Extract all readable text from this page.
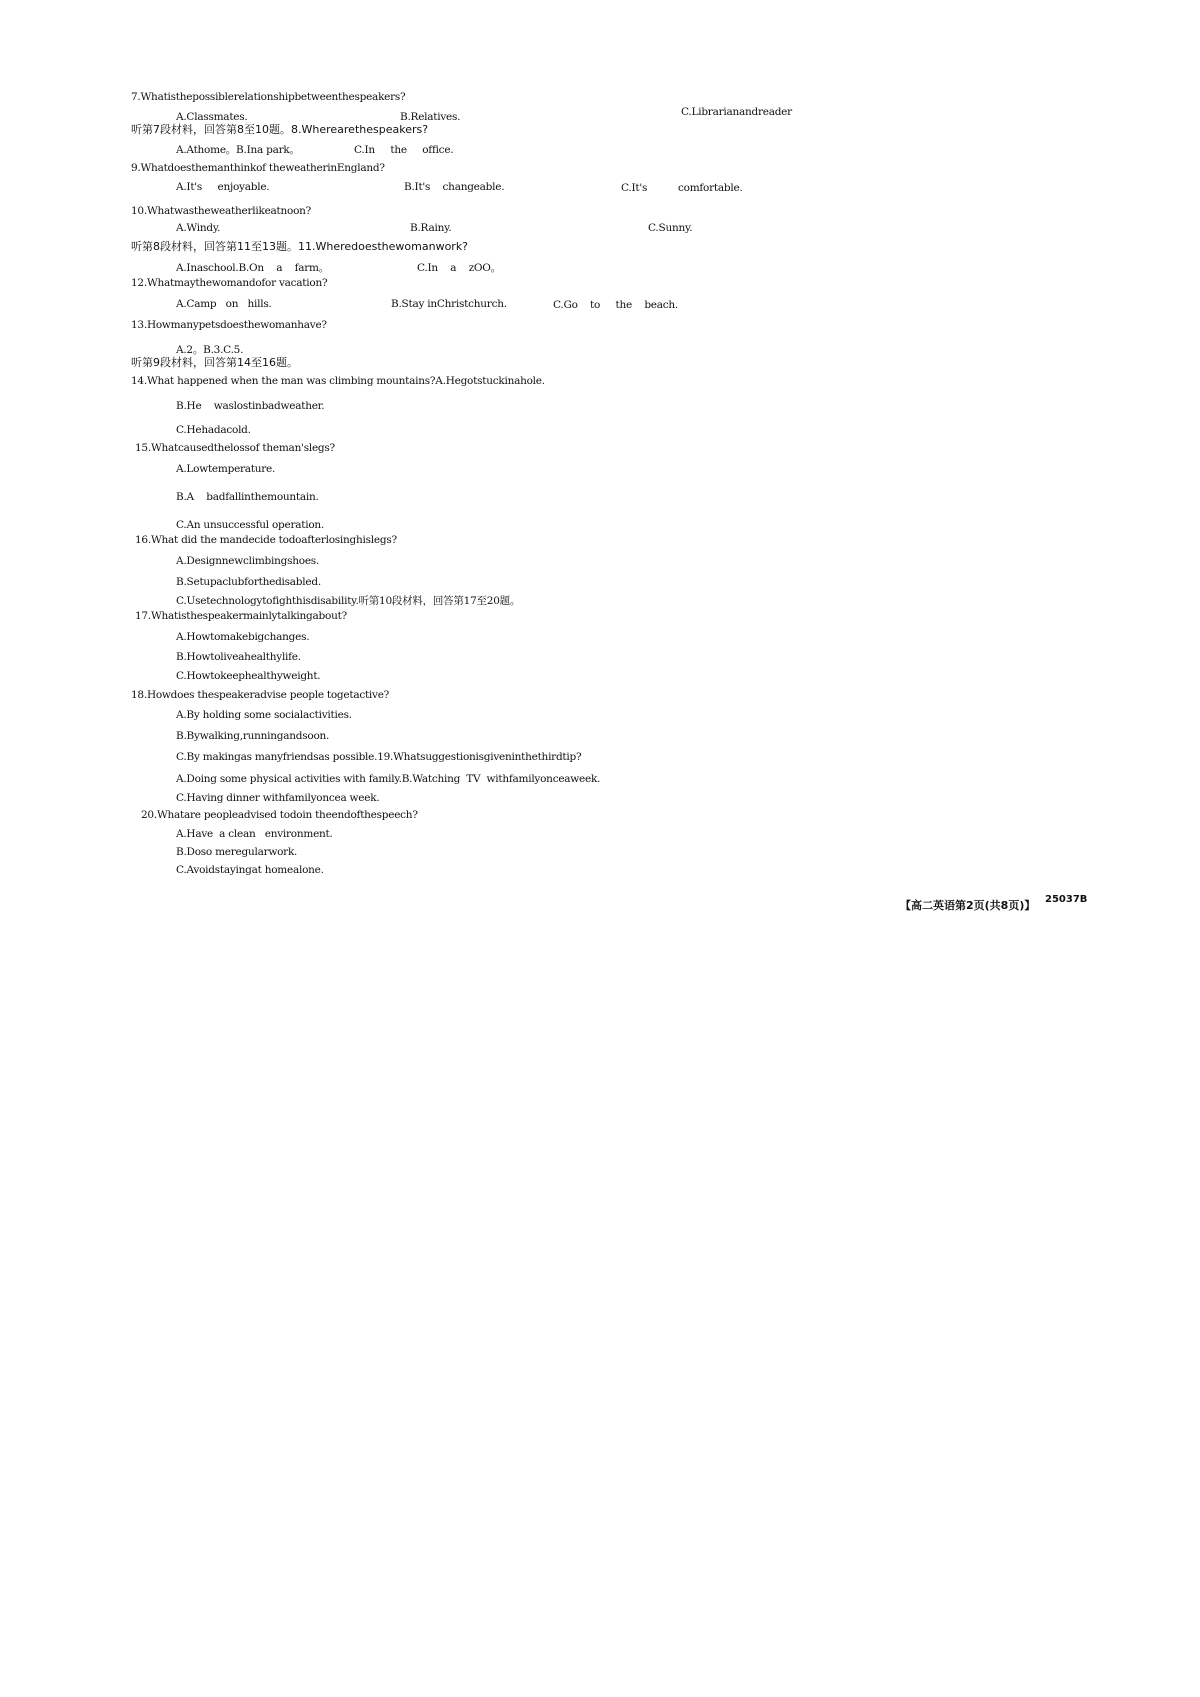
7.Whatisthepossiblerelationshipbetweenthespeakers?
A.Classmates.	B.Relatives.	C.Librarianandreader
听第7段材料，回答第8至10题。8.Wherearethespeakers?
A.Athome。B.Ina park。	C.In     the     office.
9.Whatdoesthemanthinkof theweatherinEngland?
A.It's     enjoyable.	B.It's    changeable.	C.It's          comfortable.
10.Whatwastheweatherlikeatnoon?
A.Windy.	B.Rainy.	C.Sunny.
听第8段材料，回答第11至13题。11.Wheredoesthewomanwork?
A.Inaschool.B.On    a    farm。	C.In    a    zOO。
12.Whatmaythewomandofor vacation?
A.Camp   on   hills.	B.Stay inChristchurch.	C.Go    to     the    beach.
13.Howmanypetsdoesthewomanhave?
A.2。B.3.C.5.
听第9段材料，回答第14至16题。
14.What happened when the man was climbing mountains?A.Hegotstuckinahole.
B.He    waslostinbadweather.
C.Hehadacold.
15.Whatcausedthelossof theman'slegs?
A.Lowtemperature.
B.A    badfallinthemountain.
C.An unsuccessful operation.
16.What did the mandecide todoafterlosinghislegs?
A.Designnewclimbingshoes.
B.Setupaclubforthedisabled.
C.Usetechnologytofighthisdisability.听第10段材料，回答第17至20题。
17.Whatisthespeakermainlytalkingabout?
A.Howtomakebigchanges.
B.Howtoliveahealthylife.
C.Howtokeephealthyweight.
18.Howdoes thespeakeradvise people togetactive?
A.By holding some socialactivities.
B.Bywalking,runningandsoon.
C.By makingas manyfriendsas possible.19.Whatsuggestionisgiveninthethirdtip?
A.Doing some physical activities with family.B.Watching  TV  withfamilyonceaweek.
C.Having dinner withfamilyoncea week.
20.Whatare peopleadvised todoin theendofthespeech?
A.Have  a clean   environment.
B.Doso meregularwork.
C.Avoidstayingat homealone.
【高二英语第2页(共8页)】 25037B
